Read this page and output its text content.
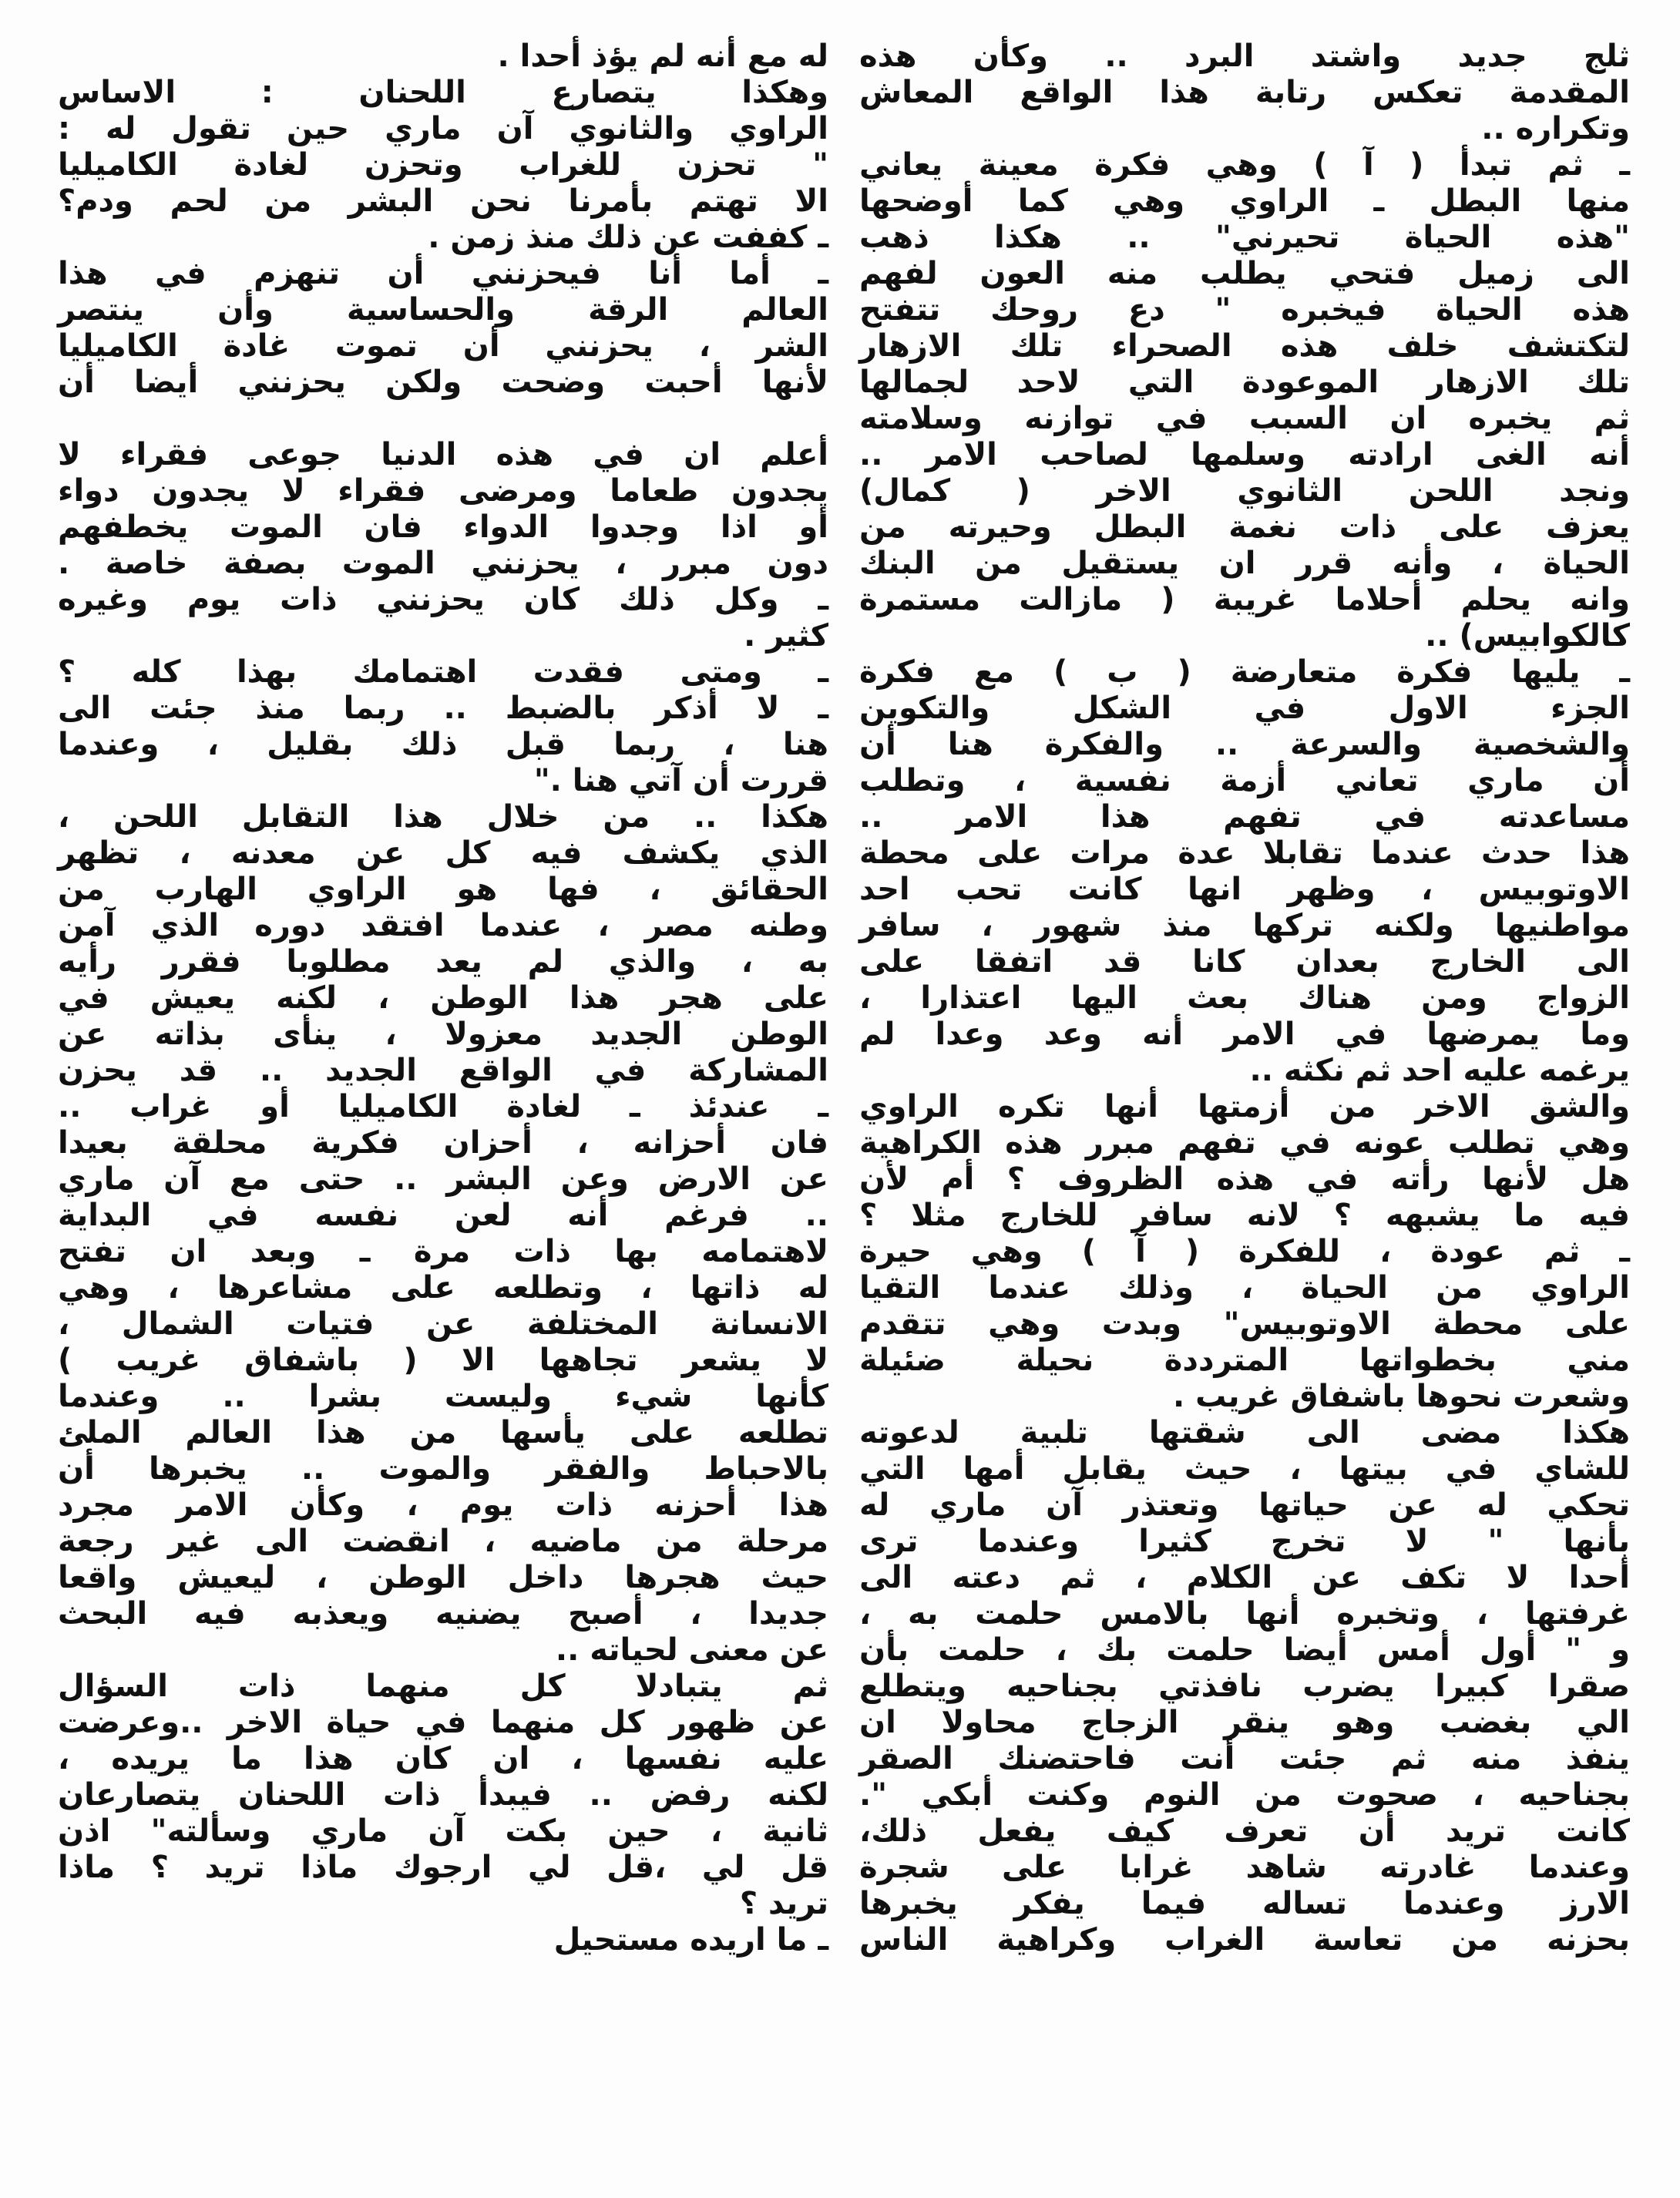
ثلج جديد واشتد البرد .. وكأن هذه
المقدمة تعكس رتابة هذا الواقع المعاش
وتكراره ..
ـ ثم تبدأ ( آ ) وهي فكرة معينة يعاني
منها البطل ـ الراوي وهي كما أوضحها
"هذه الحياة تحيرني" .. هكذا ذهب
الى زميل فتحي يطلب منه العون لفهم
هذه الحياة فيخبره " دع روحك تتفتح
لتكتشف خلف هذه الصحراء تلك الازهار
تلك الازهار الموعودة التي لاحد لجمالها
ثم يخبره ان السبب في توازنه وسلامته
أنه الغى ارادته وسلمها لصاحب الامر ..
ونجد اللحن الثانوي الاخر ( كمال)
يعزف على ذات نغمة البطل وحيرته من
الحياة ، وأنه قرر ان يستقيل من البنك
وانه يحلم أحلاما غريبة ( مازالت مستمرة
كالكوابيس) ..
ـ يليها فكرة متعارضة ( ب ) مع فكرة
الجزء الاول في الشكل والتكوين
والشخصية والسرعة .. والفكرة هنا أن
أن ماري تعاني أزمة نفسية ، وتطلب
مساعدته في تفهم هذا الامر ..
هذا حدث عندما تقابلا عدة مرات على محطة
الاوتوبيس ، وظهر انها كانت تحب احد
مواطنيها ولكنه تركها منذ شهور ، سافر
الى الخارج بعدان كانا قد اتفقا على
الزواج ومن هناك بعث اليها اعتذارا ،
وما يمرضها في الامر أنه وعد وعدا لم
يرغمه عليه احد ثم نكثه ..
والشق الاخر من أزمتها أنها تكره الراوي
وهي تطلب عونه في تفهم مبرر هذه الكراهية
هل لأنها رأته في هذه الظروف ؟ أم لأن
فيه ما يشبهه ؟ لانه سافر للخارج مثلا ؟
ـ ثم عودة ، للفكرة ( آ ) وهي حيرة
الراوي من الحياة ، وذلك عندما التقيا
على محطة الاوتوبيس" وبدت وهي تتقدم
مني بخطواتها المترددة نحيلة ضئيلة
وشعرت نحوها باشفاق غريب .
هكذا مضى الى شقتها تلبية لدعوته
للشاي في بيتها ، حيث يقابل أمها التي
تحكي له عن حياتها وتعتذر آن ماري له
بأنها " لا تخرج كثيرا وعندما ترى
أحدا لا تكف عن الكلام ، ثم دعته الى
غرفتها ، وتخبره أنها بالامس حلمت به ،
و " أول أمس أيضا حلمت بك ، حلمت بأن
صقرا كبيرا يضرب نافذتي بجناحيه ويتطلع
الي بغضب وهو ينقر الزجاج محاولا ان
ينفذ منه ثم جئت أنت فاحتضنك الصقر
بجناحيه ، صحوت من النوم وكنت أبكي ".
كانت تريد أن تعرف كيف يفعل ذلك،
وعندما غادرته شاهد غرابا على شجرة
الارز وعندما تساله فيما يفكر يخبرها
بحزنه من تعاسة الغراب وكراهية الناس
له مع أنه لم يؤذ أحدا .
وهكذا يتصارع اللحنان : الاساس
الراوي والثانوي آن ماري حين تقول له :
" تحزن للغراب وتحزن لغادة الكاميليا
الا تهتم بأمرنا نحن البشر من لحم ودم؟
ـ كففت عن ذلك منذ زمن .
ـ أما أنا فيحزنني أن تنهزم في هذا
العالم الرقة والحساسية وأن ينتصر
الشر ، يحزنني أن تموت غادة الكاميليا
لأنها أحبت وضحت ولكن يحزنني أيضا أن
أعلم ان في هذه الدنيا جوعى فقراء لا
يجدون طعاما ومرضى فقراء لا يجدون دواء
أو اذا وجدوا الدواء فان الموت يخطفهم
دون مبرر ، يحزنني الموت بصفة خاصة .
ـ وكل ذلك كان يحزنني ذات يوم وغيره
كثير .
ـ ومتى فقدت اهتمامك بهذا كله ؟
ـ لا أذكر بالضبط .. ربما منذ جئت الى
هنا ، ربما قبل ذلك بقليل ، وعندما
قررت أن آتي هنا ."
هكذا .. من خلال هذا التقابل اللحن ،
الذي يكشف فيه كل عن معدنه ، تظهر
الحقائق ، فها هو الراوي الهارب من
وطنه مصر ، عندما افتقد دوره الذي آمن
به ، والذي لم يعد مطلوبا فقرر رأيه
على هجر هذا الوطن ، لكنه يعيش في
الوطن الجديد معزولا ، ينأى بذاته عن
المشاركة في الواقع الجديد .. قد يحزن
ـ عندئذ ـ لغادة الكاميليا أو غراب ..
فان أحزانه ، أحزان فكرية محلقة بعيدا
عن الارض وعن البشر .. حتى مع آن ماري
.. فرغم أنه لعن نفسه في البداية
لاهتمامه بها ذات مرة ـ وبعد ان تفتح
له ذاتها ، وتطلعه على مشاعرها ، وهي
الانسانة المختلفة عن فتيات الشمال ،
لا يشعر تجاهها الا ( باشفاق غريب )
كأنها شيء وليست بشرا .. وعندما
تطلعه على يأسها من هذا العالم الملئ
بالاحباط والفقر والموت .. يخبرها أن
هذا أحزنه ذات يوم ، وكأن الامر مجرد
مرحلة من ماضيه ، انقضت الى غير رجعة
حيث هجرها داخل الوطن ، ليعيش واقعا
جديدا ، أصبح يضنيه ويعذبه فيه البحث
عن معنى لحياته ..
ثم يتبادلا كل منهما ذات السؤال
عن ظهور كل منهما في حياة الاخر ..وعرضت
عليه نفسها ، ان كان هذا ما يريده ،
لكنه رفض .. فيبدأ ذات اللحنان يتصارعان
ثانية ، حين بكت آن ماري وسألته" اذن
قل لي ،قل لي ارجوك ماذا تريد ؟ ماذا
تريد ؟
ـ ما اريده مستحيل
